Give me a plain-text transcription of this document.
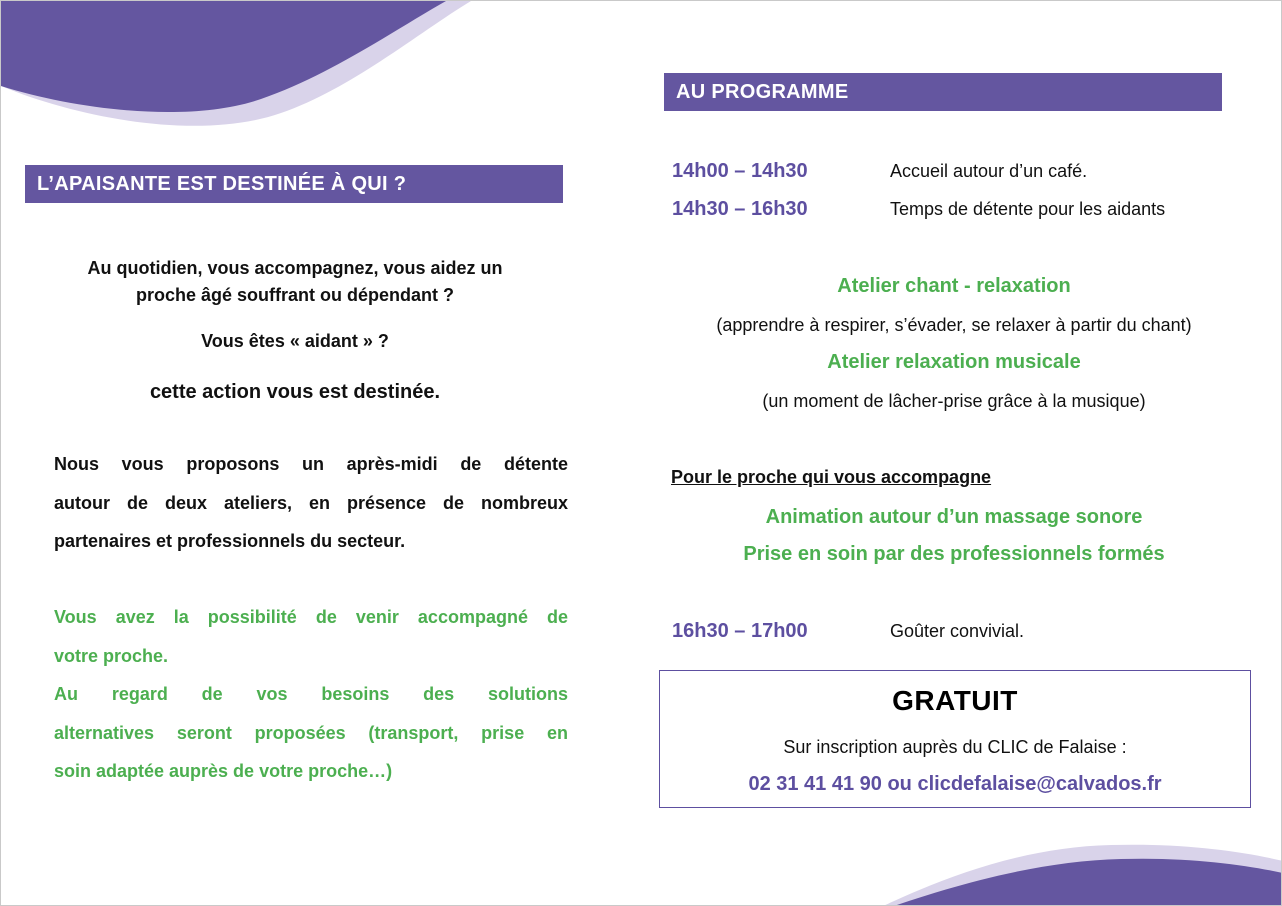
L’APAISANTE EST DESTINÉE À QUI ?
Au quotidien, vous accompagnez, vous aidez un
proche âgé souffrant ou dépendant ?
Vous êtes « aidant » ?
cette action vous est destinée.
Nous vous proposons un après-midi de détente
autour de deux ateliers, en présence de nombreux
partenaires et professionnels du secteur.
Vous avez la possibilité de venir accompagné de
votre proche.
Au regard de vos besoins des solutions
alternatives seront proposées (transport, prise en
soin adaptée auprès de votre proche…)
AU PROGRAMME
14h00 – 14h30	Accueil autour d’un café.
14h30 – 16h30	Temps de détente pour les aidants
Atelier chant - relaxation
(apprendre à respirer, s’évader, se relaxer à partir du chant)
Atelier relaxation musicale
(un moment de lâcher-prise grâce à la musique)
Pour le proche qui vous accompagne
Animation autour d’un massage sonore
Prise en soin par des professionnels formés
16h30 – 17h00	Goûter convivial.
GRATUIT
Sur inscription auprès du CLIC de Falaise :
02 31 41 41 90 ou clicdefalaise@calvados.fr
